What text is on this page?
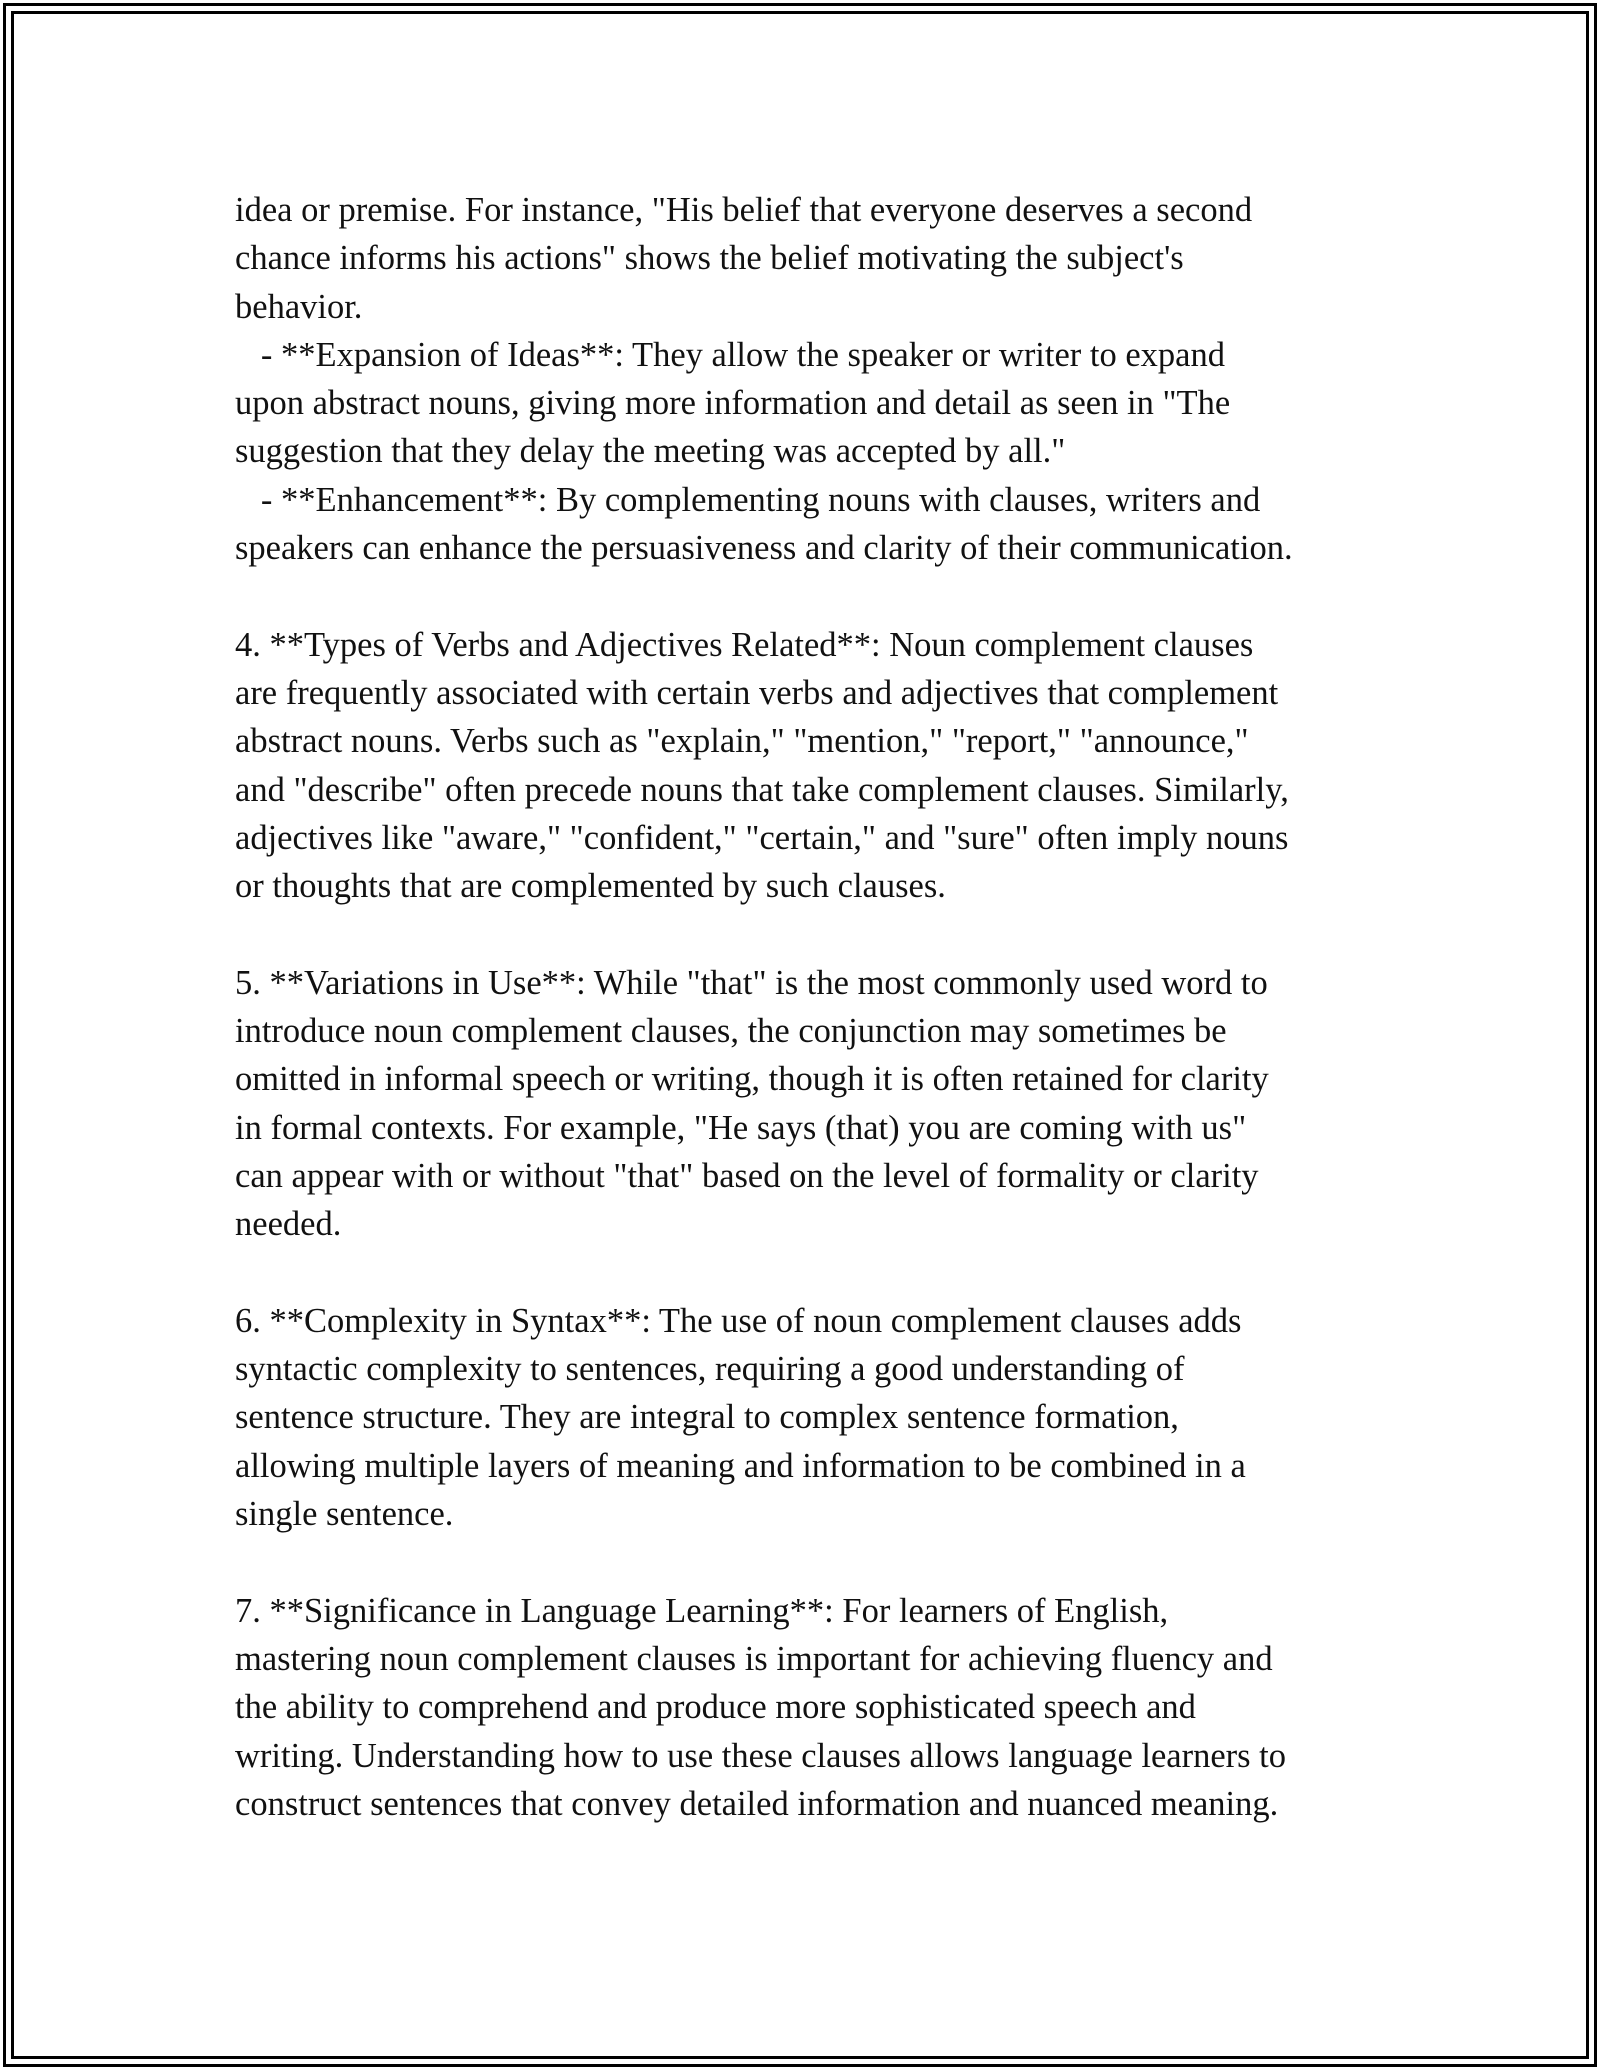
idea or premise. For instance, "His belief that everyone deserves a second
chance informs his actions" shows the belief motivating the subject's
behavior.
- **Expansion of Ideas**: They allow the speaker or writer to expand
upon abstract nouns, giving more information and detail as seen in "The
suggestion that they delay the meeting was accepted by all."
- **Enhancement**: By complementing nouns with clauses, writers and
speakers can enhance the persuasiveness and clarity of their communication.
4. **Types of Verbs and Adjectives Related**: Noun complement clauses
are frequently associated with certain verbs and adjectives that complement
abstract nouns. Verbs such as "explain," "mention," "report," "announce,"
and "describe" often precede nouns that take complement clauses. Similarly,
adjectives like "aware," "confident," "certain," and "sure" often imply nouns
or thoughts that are complemented by such clauses.
5. **Variations in Use**: While "that" is the most commonly used word to
introduce noun complement clauses, the conjunction may sometimes be
omitted in informal speech or writing, though it is often retained for clarity
in formal contexts. For example, "He says (that) you are coming with us"
can appear with or without "that" based on the level of formality or clarity
needed.
6. **Complexity in Syntax**: The use of noun complement clauses adds
syntactic complexity to sentences, requiring a good understanding of
sentence structure. They are integral to complex sentence formation,
allowing multiple layers of meaning and information to be combined in a
single sentence.
7. **Significance in Language Learning**: For learners of English,
mastering noun complement clauses is important for achieving fluency and
the ability to comprehend and produce more sophisticated speech and
writing. Understanding how to use these clauses allows language learners to
construct sentences that convey detailed information and nuanced meaning.
